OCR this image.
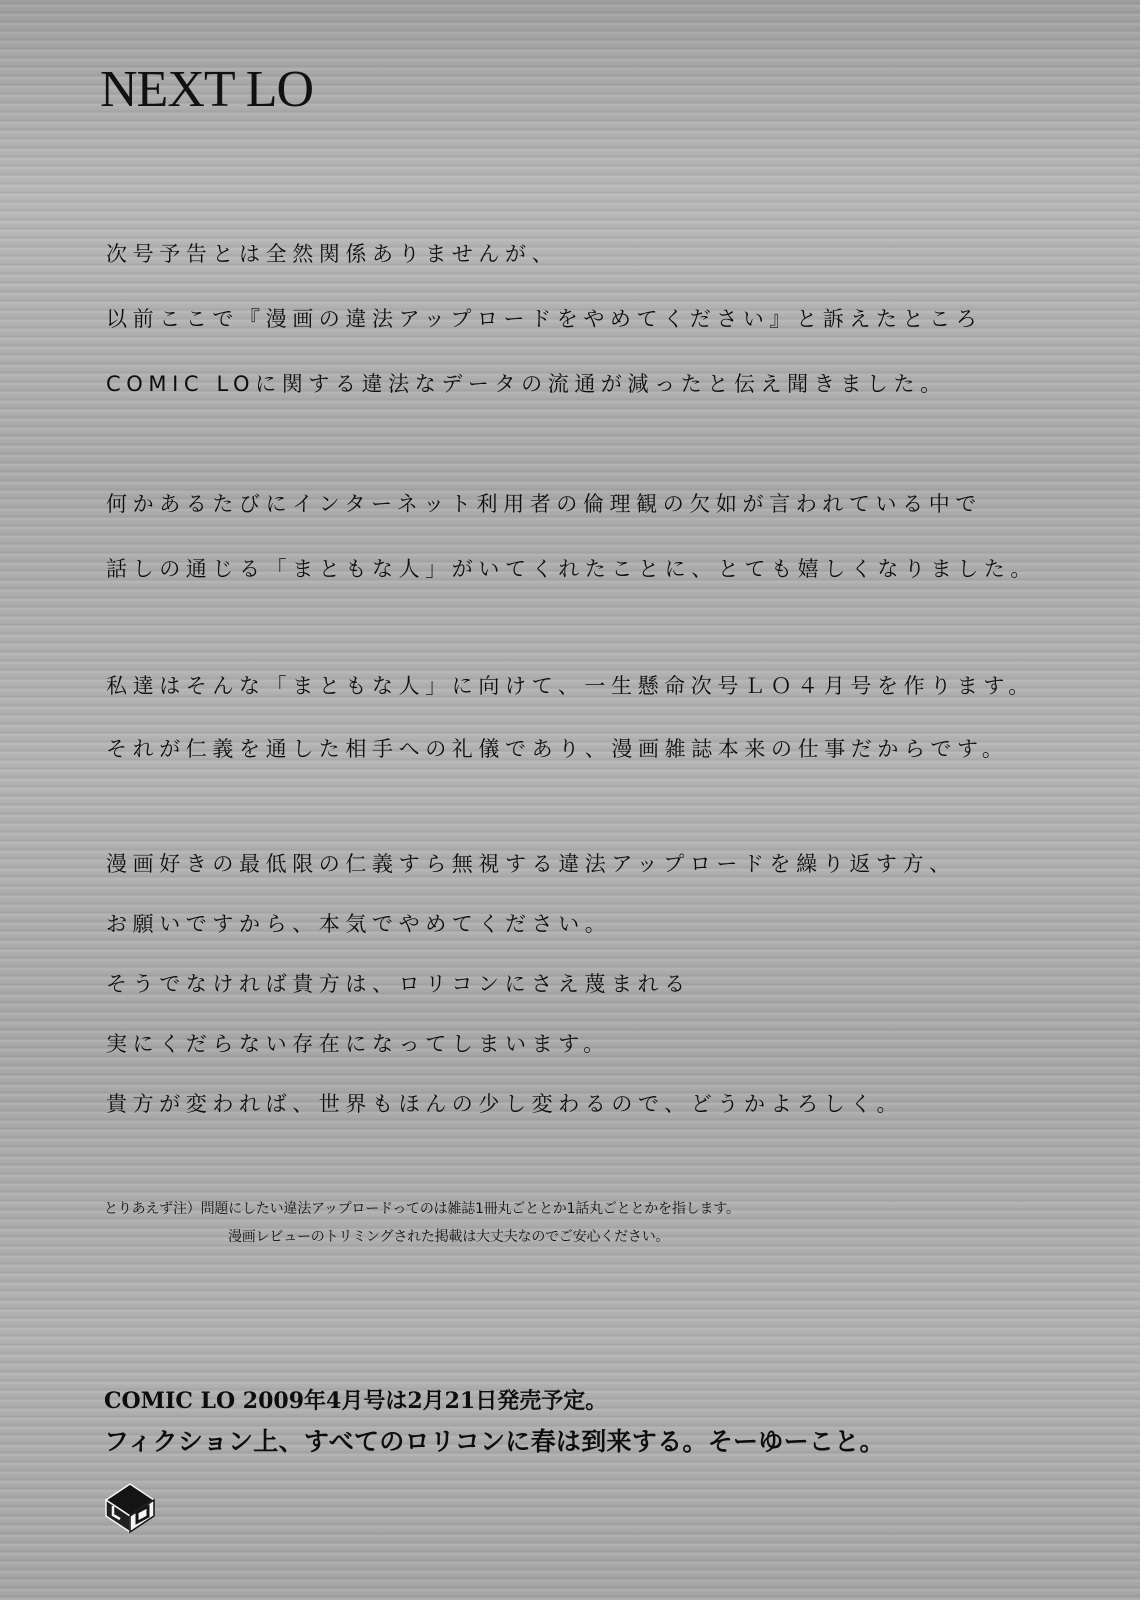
NEXT LO

次号予告とは全然関係ありませんが、

以前ここで『漫画の違法アップロードをやめてください』と訴えたところ

COMIC LOに関する違法なデータの流通が減ったと伝え聞きました。

何かあるたびにインターネット利用者の倫理観の欠如が言われている中で

話しの通じる「まともな人」がいてくれたことに、とても嬉しくなりました。

私達はそんな「まともな人」に向けて、一生懸命次号ＬＯ４月号を作ります。

それが仁義を通した相手への礼儀であり、漫画雑誌本来の仕事だからです。

漫画好きの最低限の仁義すら無視する違法アップロードを繰り返す方、

お願いですから、本気でやめてください。

そうでなければ貴方は、ロリコンにさえ蔑まれる

実にくだらない存在になってしまいます。

貴方が変われば、世界もほんの少し変わるので、どうかよろしく。

とりあえず注）問題にしたい違法アップロードってのは雑誌1冊丸ごととか1話丸ごととかを指します。

漫画レビューのトリミングされた掲載は大丈夫なのでご安心ください。

COMIC LO 2009年4月号は2月21日発売予定。

フィクション上、すべてのロリコンに春は到来する。そーゆーこと。
